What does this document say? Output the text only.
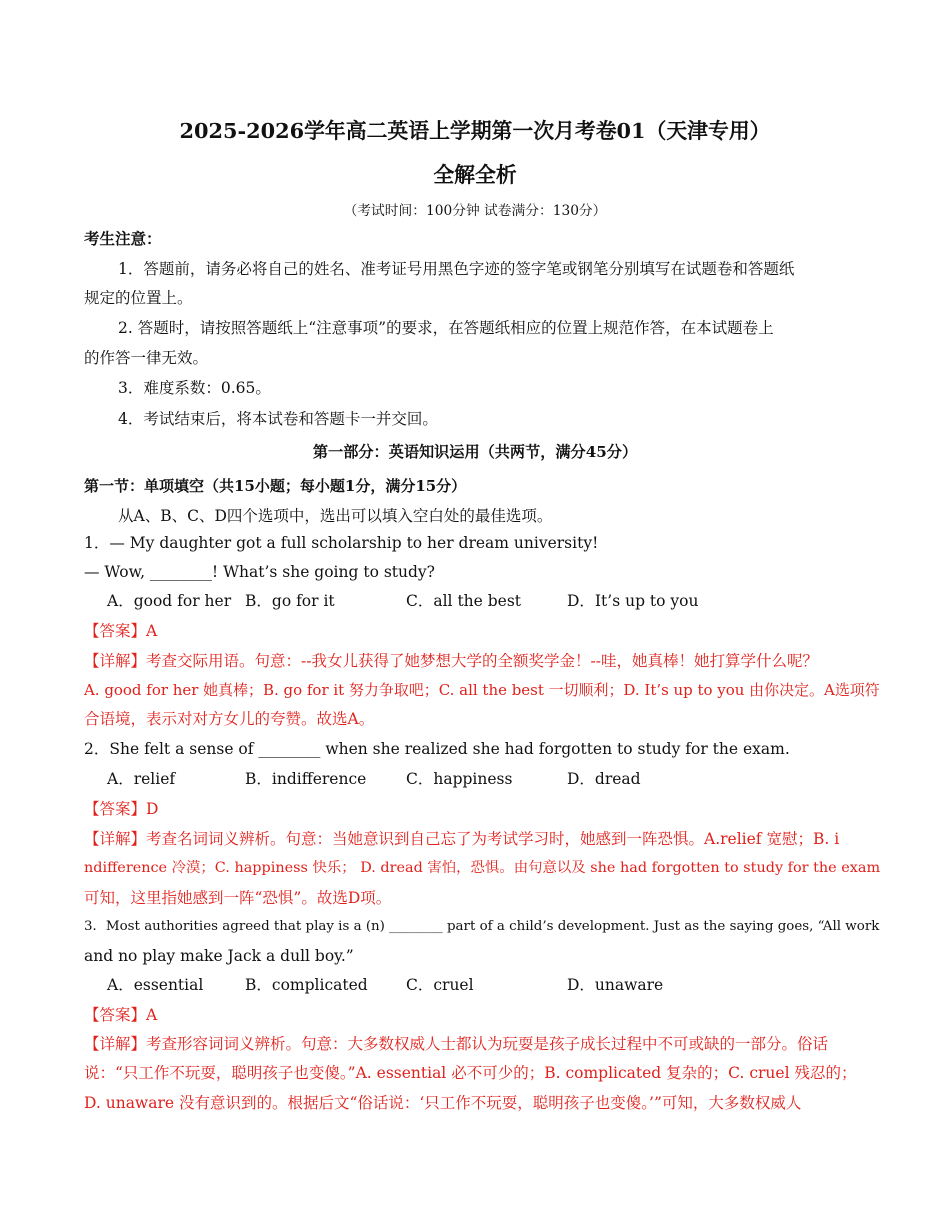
2025-2026学年高二英语上学期第一次月考卷01（天津专用）
全解全析
（考试时间：100分钟 试卷满分：130分）
考生注意：
1．答题前，请务必将自己的姓名、准考证号用黑色字迹的签字笔或钢笔分别填写在试题卷和答题纸
规定的位置上。
2. 答题时，请按照答题纸上“注意事项”的要求，在答题纸相应的位置上规范作答，在本试题卷上
的作答一律无效。
3．难度系数：0.65。
4．考试结束后，将本试卷和答题卡一并交回。
第一部分：英语知识运用（共两节，满分45分）
第一节：单项填空（共15小题；每小题1分，满分15分）
从A、B、C、D四个选项中，选出可以填入空白处的最佳选项。
1．— My daughter got a full scholarship to her dream university!
— Wow, ________! What’s she going to study?
A．good for her B．go for it	C．all the best	D．It’s up to you
【答案】A
【详解】考查交际用语。句意：--我女儿获得了她梦想大学的全额奖学金！--哇，她真棒！她打算学什么呢？
A. good for her 她真棒；B. go for it 努力争取吧；C. all the best 一切顺利；D. It’s up to you 由你决定。A选项符
合语境，表示对对方女儿的夸赞。故选A。
2．She felt a sense of ________ when she realized she had forgotten to study for the exam.
A．relief	B．indifference	C．happiness	D．dread
【答案】D
【详解】考查名词词义辨析。句意：当她意识到自己忘了为考试学习时，她感到一阵恐惧。A.relief 宽慰；B. i
ndifference 冷漠；C. happiness 快乐； D. dread 害怕，恐惧。由句意以及 she had forgotten to study for the exam
可知，这里指她感到一阵“恐惧”。故选D项。
3．Most authorities agreed that play is a (n) ________ part of a child’s development. Just as the saying goes, “All work
and no play make Jack a dull boy.”
A．essential	B．complicated C．cruel	D．unaware
【答案】A
【详解】考查形容词词义辨析。句意：大多数权威人士都认为玩耍是孩子成长过程中不可或缺的一部分。俗话
说：“只工作不玩耍，聪明孩子也变傻。”A. essential 必不可少的；B. complicated 复杂的；C. cruel 残忍的；
D. unaware 没有意识到的。根据后文“俗话说：‘只工作不玩耍，聪明孩子也变傻。’”可知，大多数权威人
